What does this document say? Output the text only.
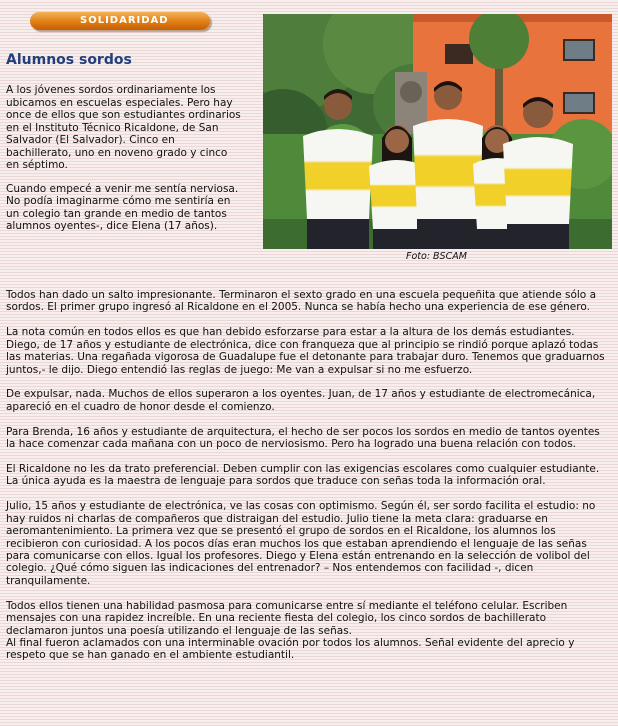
SOLIDARIDAD
Alumnos sordos

A los jóvenes sordos ordinariamente los ubicamos en escuelas especiales. Pero hay once de ellos que son estudiantes ordinarios en el Instituto Técnico Ricaldone, de San Salvador (El Salvador). Cinco en bachillerato, uno en noveno grado y cinco en séptimo.

Cuando empecé a venir me sentía nerviosa. No podía imaginarme cómo me sentiría en un colegio tan grande en medio de tantos alumnos oyentes-, dice Elena (17 años).

Foto: BSCAM

Todos han dado un salto impresionante. Terminaron el sexto grado en una escuela pequeñita que atiende sólo a sordos. El primer grupo ingresó al Ricaldone en el 2005. Nunca se había hecho una experiencia de ese género.

La nota común en todos ellos es que han debido esforzarse para estar a la altura de los demás estudiantes. Diego, de 17 años y estudiante de electrónica, dice con franqueza que al principio se rindió porque aplazó todas las materias. Una regañada vigorosa de Guadalupe fue el detonante para trabajar duro. Tenemos que graduarnos juntos,- le dijo. Diego entendió las reglas de juego: Me van a expulsar si no me esfuerzo.

De expulsar, nada. Muchos de ellos superaron a los oyentes. Juan, de 17 años y estudiante de electromecánica, apareció en el cuadro de honor desde el comienzo.

Para Brenda, 16 años y estudiante de arquitectura, el hecho de ser pocos los sordos en medio de tantos oyentes la hace comenzar cada mañana con un poco de nerviosismo. Pero ha logrado una buena relación con todos.

El Ricaldone no les da trato preferencial. Deben cumplir con las exigencias escolares como cualquier estudiante. La única ayuda es la maestra de lenguaje para sordos que traduce con señas toda la información oral.

Julio, 15 años y estudiante de electrónica, ve las cosas con optimismo. Según él, ser sordo facilita el estudio: no hay ruidos ni charlas de compañeros que distraigan del estudio. Julio tiene la meta clara: graduarse en aeromantenimiento. La primera vez que se presentó el grupo de sordos en el Ricaldone, los alumnos los recibieron con curiosidad. A los pocos días eran muchos los que estaban aprendiendo el lenguaje de las señas para comunicarse con ellos. Igual los profesores. Diego y Elena están entrenando en la selección de volibol del colegio. ¿Qué cómo siguen las indicaciones del entrenador? – Nos entendemos con facilidad -, dicen tranquilamente.

Todos ellos tienen una habilidad pasmosa para comunicarse entre sí mediante el teléfono celular. Escriben mensajes con una rapidez increíble. En una reciente fiesta del colegio, los cinco sordos de bachillerato declamaron juntos una poesía utilizando el lenguaje de las señas.

Al final fueron aclamados con una interminable ovación por todos los alumnos. Señal evidente del aprecio y respeto que se han ganado en el ambiente estudiantil.
